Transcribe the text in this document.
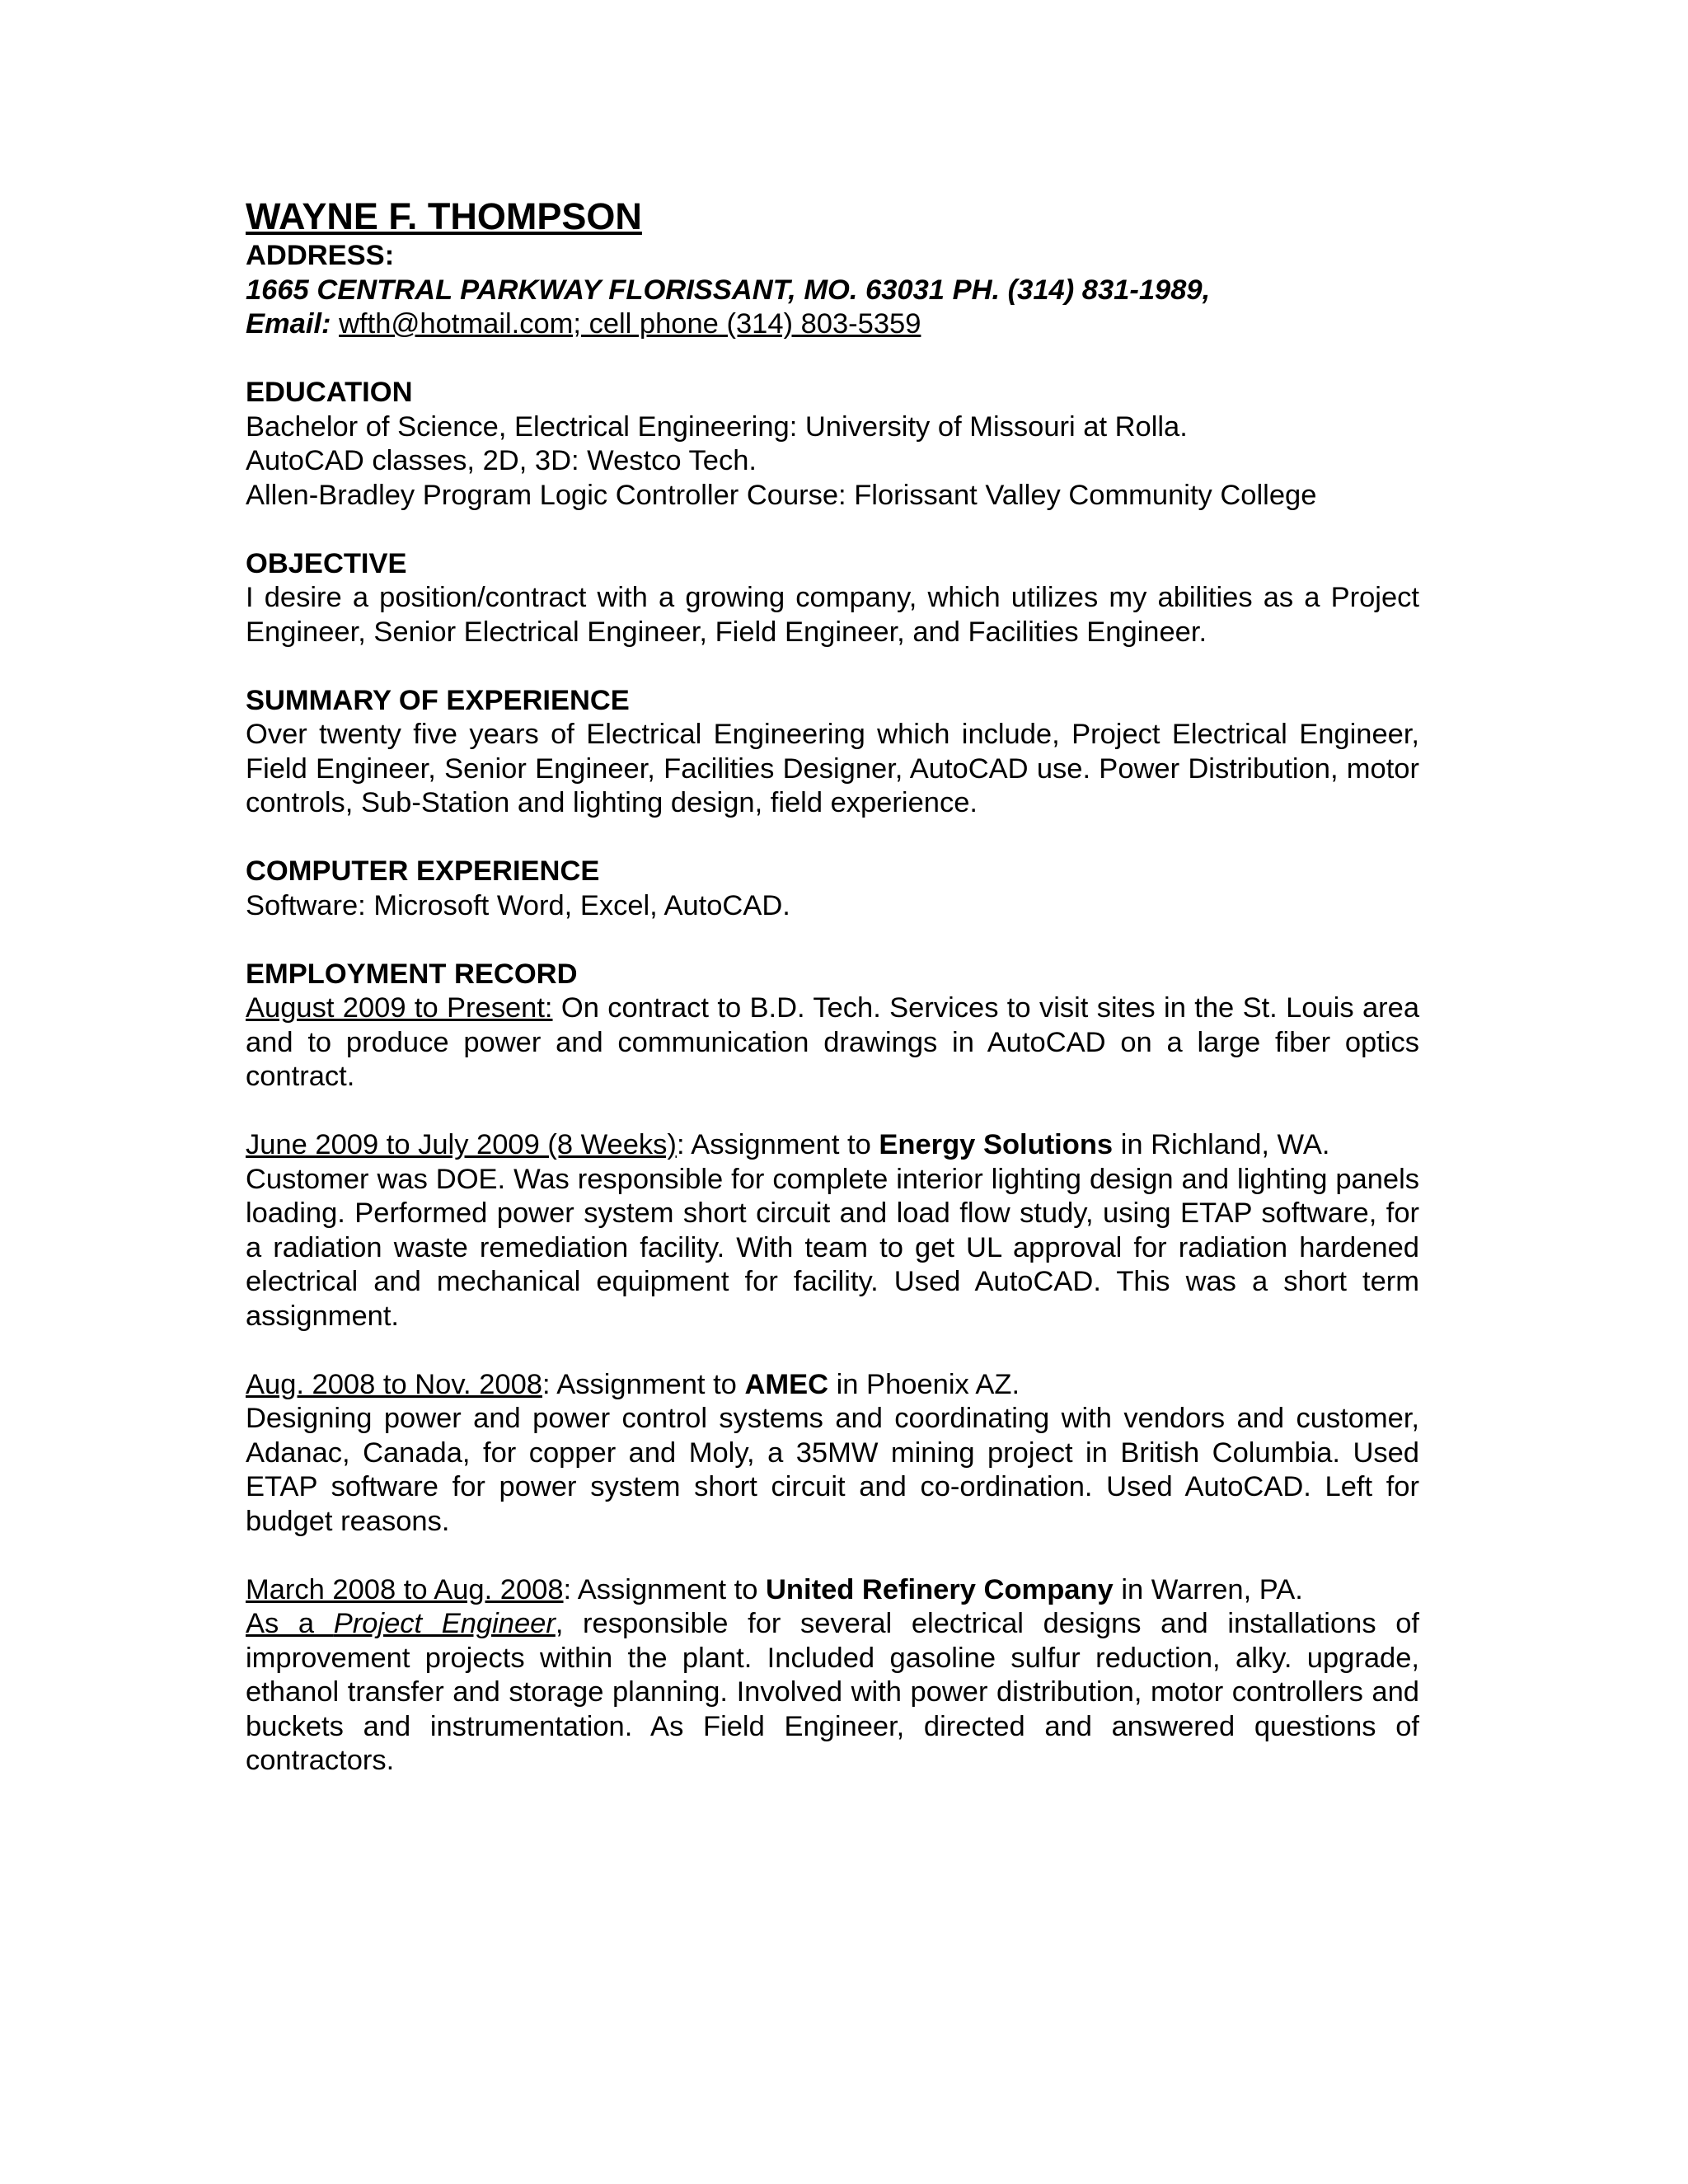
WAYNE F. THOMPSON
ADDRESS:
1665 CENTRAL PARKWAY FLORISSANT, MO. 63031 PH. (314) 831-1989,
Email: wfth@hotmail.com; cell phone (314) 803-5359
EDUCATION
Bachelor of Science, Electrical Engineering: University of Missouri at Rolla.
AutoCAD classes, 2D, 3D: Westco Tech.
Allen-Bradley Program Logic Controller Course: Florissant Valley Community College
OBJECTIVE
I desire a position/contract with a growing company, which utilizes my abilities as a Project Engineer, Senior Electrical Engineer, Field Engineer, and Facilities Engineer.
SUMMARY OF EXPERIENCE
Over twenty five years of Electrical Engineering which include, Project Electrical Engineer, Field Engineer, Senior Engineer, Facilities Designer, AutoCAD use. Power Distribution, motor controls, Sub-Station and lighting design, field experience.
COMPUTER EXPERIENCE
Software: Microsoft Word, Excel, AutoCAD.
EMPLOYMENT RECORD
August 2009 to Present: On contract to B.D. Tech. Services to visit sites in the St. Louis area and to produce power and communication drawings in AutoCAD on a large fiber optics contract.
June 2009 to July 2009 (8 Weeks): Assignment to Energy Solutions in Richland, WA.
Customer was DOE. Was responsible for complete interior lighting design and lighting panels loading. Performed power system short circuit and load flow study, using ETAP software, for a radiation waste remediation facility. With team to get UL approval for radiation hardened electrical and mechanical equipment for facility. Used AutoCAD. This was a short term assignment.
Aug. 2008 to Nov. 2008: Assignment to AMEC in Phoenix AZ.
Designing power and power control systems and coordinating with vendors and customer, Adanac, Canada, for copper and Moly, a 35MW mining project in British Columbia. Used ETAP software for power system short circuit and co-ordination. Used AutoCAD. Left for budget reasons.
March 2008 to Aug. 2008: Assignment to United Refinery Company in Warren, PA.
As a Project Engineer, responsible for several electrical designs and installations of improvement projects within the plant. Included gasoline sulfur reduction, alky. upgrade, ethanol transfer and storage planning. Involved with power distribution, motor controllers and buckets and instrumentation. As Field Engineer, directed and answered questions of contractors.
